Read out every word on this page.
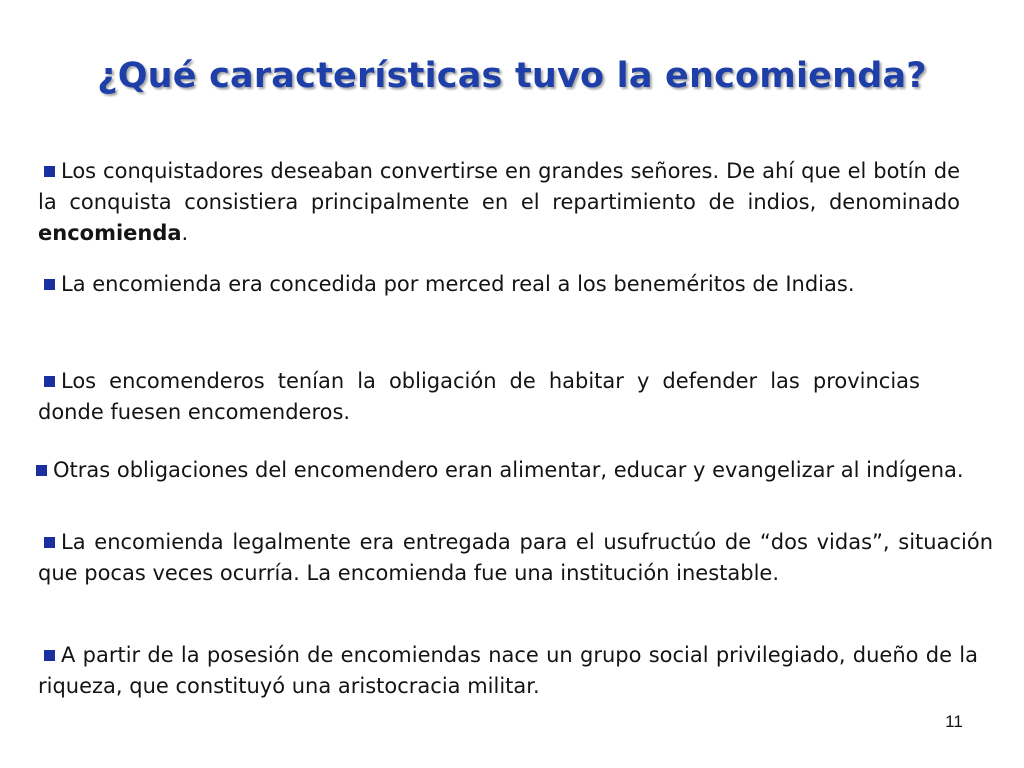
¿Qué características tuvo la encomienda?

Los conquistadores deseaban convertirse en grandes señores. De ahí que el botín de la conquista consistiera principalmente en el repartimiento de indios, denominado encomienda.

La encomienda era concedida por merced real a los beneméritos de Indias.

Los encomenderos tenían la obligación de habitar y defender las provincias donde fuesen encomenderos.

Otras obligaciones del encomendero eran alimentar, educar y evangelizar al indígena.

La encomienda legalmente era entregada para el usufructúo de “dos vidas”, situación que pocas veces ocurría. La encomienda fue una institución inestable.

A partir de la posesión de encomiendas nace un grupo social privilegiado, dueño de la riqueza, que constituyó una aristocracia militar.

11
